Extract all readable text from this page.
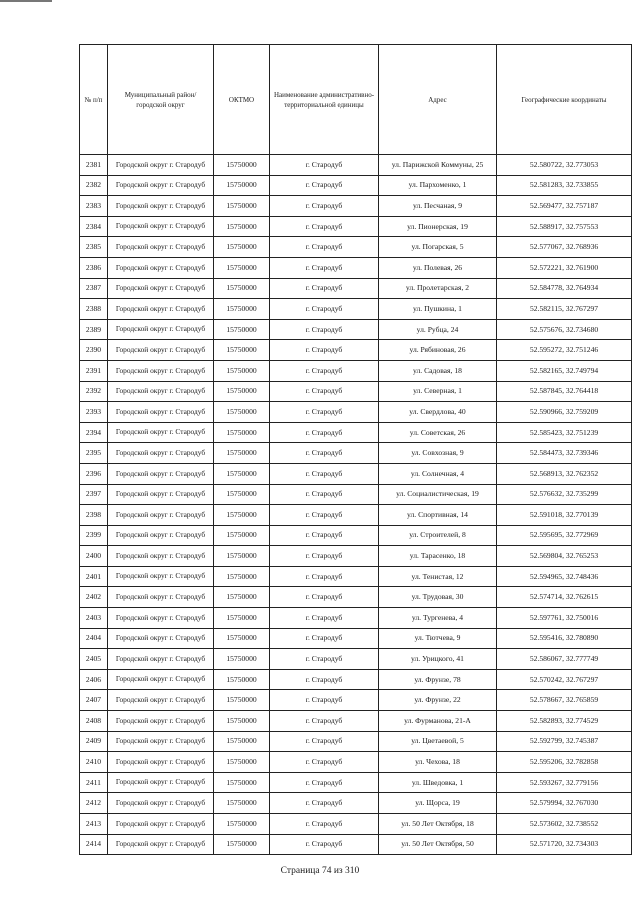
№ п/п	Муниципальный район/городской округ	ОКТМО	Наименование административно-территориальной единицы	Адрес	Географические координаты
2381	Городской округ г. Стародуб	15750000	г. Стародуб	ул. Парижской Коммуны, 25	52.580722, 32.773053
2382	Городской округ г. Стародуб	15750000	г. Стародуб	ул. Пархоменко, 1	52.581283, 32.733855
2383	Городской округ г. Стародуб	15750000	г. Стародуб	ул. Песчаная, 9	52.569477, 32.757187
2384	Городской округ г. Стародуб	15750000	г. Стародуб	ул. Пионерская, 19	52.588917, 32.757553
2385	Городской округ г. Стародуб	15750000	г. Стародуб	ул. Погарская, 5	52.577067, 32.768936
2386	Городской округ г. Стародуб	15750000	г. Стародуб	ул. Полевая, 26	52.572221, 32.761900
2387	Городской округ г. Стародуб	15750000	г. Стародуб	ул. Пролетарская, 2	52.584778, 32.764934
2388	Городской округ г. Стародуб	15750000	г. Стародуб	ул. Пушкина, 1	52.582115, 32.767297
2389	Городской округ г. Стародуб	15750000	г. Стародуб	ул. Рубца, 24	52.575676, 32.734680
2390	Городской округ г. Стародуб	15750000	г. Стародуб	ул. Рябиновая, 26	52.595272, 32.751246
2391	Городской округ г. Стародуб	15750000	г. Стародуб	ул. Садовая, 18	52.582165, 32.749794
2392	Городской округ г. Стародуб	15750000	г. Стародуб	ул. Северная, 1	52.587845, 32.764418
2393	Городской округ г. Стародуб	15750000	г. Стародуб	ул. Свердлова, 40	52.590966, 32.759209
2394	Городской округ г. Стародуб	15750000	г. Стародуб	ул. Советская, 26	52.585423, 32.751239
2395	Городской округ г. Стародуб	15750000	г. Стародуб	ул. Совхозная, 9	52.584473, 32.739346
2396	Городской округ г. Стародуб	15750000	г. Стародуб	ул. Солнечная, 4	52.568913, 32.762352
2397	Городской округ г. Стародуб	15750000	г. Стародуб	ул. Социалистическая, 19	52.576632, 32.735299
2398	Городской округ г. Стародуб	15750000	г. Стародуб	ул. Спортивная, 14	52.591018, 32.770139
2399	Городской округ г. Стародуб	15750000	г. Стародуб	ул. Строителей, 8	52.595695, 32.772969
2400	Городской округ г. Стародуб	15750000	г. Стародуб	ул. Тарасенко, 18	52.569804, 32.765253
2401	Городской округ г. Стародуб	15750000	г. Стародуб	ул. Тенистая, 12	52.594965, 32.748436
2402	Городской округ г. Стародуб	15750000	г. Стародуб	ул. Трудовая, 30	52.574714, 32.762615
2403	Городской округ г. Стародуб	15750000	г. Стародуб	ул. Тургенева, 4	52.597761, 32.750016
2404	Городской округ г. Стародуб	15750000	г. Стародуб	ул. Тютчева, 9	52.595416, 32.780890
2405	Городской округ г. Стародуб	15750000	г. Стародуб	ул. Урицкого, 41	52.586067, 32.777749
2406	Городской округ г. Стародуб	15750000	г. Стародуб	ул. Фрунзе, 78	52.570242, 32.767297
2407	Городской округ г. Стародуб	15750000	г. Стародуб	ул. Фрунзе, 22	52.578667, 32.765859
2408	Городской округ г. Стародуб	15750000	г. Стародуб	ул. Фурманова, 21-А	52.582893, 32.774529
2409	Городской округ г. Стародуб	15750000	г. Стародуб	ул. Цветаевой, 5	52.592799, 32.745387
2410	Городской округ г. Стародуб	15750000	г. Стародуб	ул. Чехова, 18	52.595206, 32.782858
2411	Городской округ г. Стародуб	15750000	г. Стародуб	ул. Шведовка, 1	52.593267, 32.779156
2412	Городской округ г. Стародуб	15750000	г. Стародуб	ул. Щорса, 19	52.579994, 32.767030
2413	Городской округ г. Стародуб	15750000	г. Стародуб	ул. 50 Лет Октября, 18	52.573602, 32.738552
2414	Городской округ г. Стародуб	15750000	г. Стародуб	ул. 50 Лет Октября, 50	52.571720, 32.734303
Страница 74 из 310
